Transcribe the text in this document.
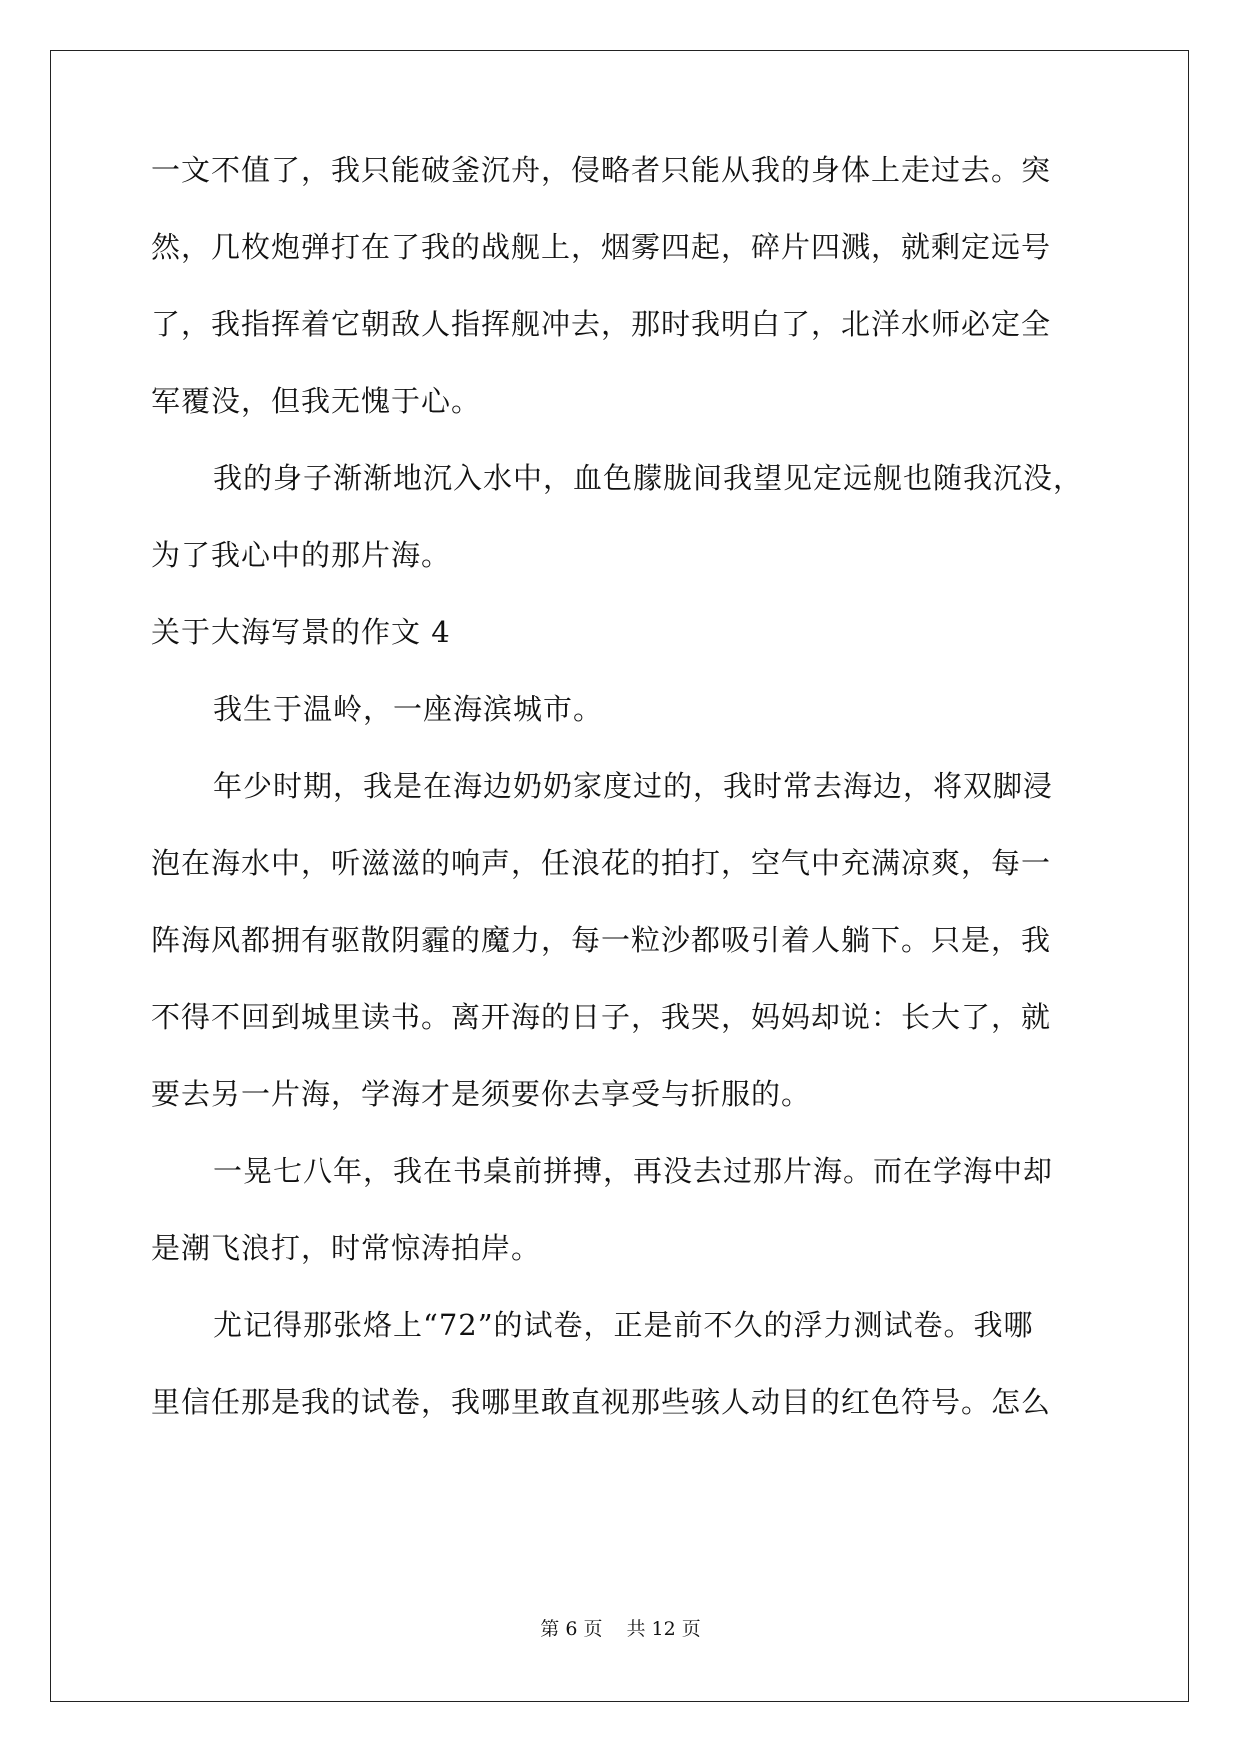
一文不值了，我只能破釜沉舟，侵略者只能从我的身体上走过去。突
然，几枚炮弹打在了我的战舰上，烟雾四起，碎片四溅，就剩定远号
了，我指挥着它朝敌人指挥舰冲去，那时我明白了，北洋水师必定全
军覆没，但我无愧于心。
我的身子渐渐地沉入水中，血色朦胧间我望见定远舰也随我沉没，
为了我心中的那片海。
关于大海写景的作文 4
我生于温岭，一座海滨城市。
年少时期，我是在海边奶奶家度过的，我时常去海边，将双脚浸
泡在海水中，听滋滋的响声，任浪花的拍打，空气中充满凉爽，每一
阵海风都拥有驱散阴霾的魔力，每一粒沙都吸引着人躺下。只是，我
不得不回到城里读书。离开海的日子，我哭，妈妈却说：长大了，就
要去另一片海，学海才是须要你去享受与折服的。
一晃七八年，我在书桌前拼搏，再没去过那片海。而在学海中却
是潮飞浪打，时常惊涛拍岸。
尤记得那张烙上“72”的试卷，正是前不久的浮力测试卷。我哪
里信任那是我的试卷，我哪里敢直视那些骇人动目的红色符号。怎么
第 6 页 共 12 页
